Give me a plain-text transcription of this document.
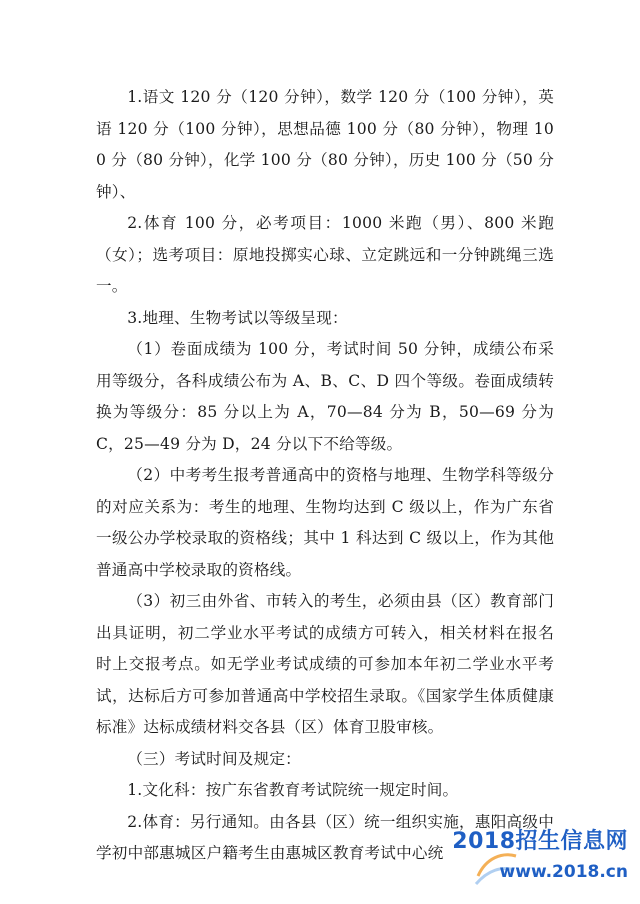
1.语文 120 分（120 分钟），数学 120 分（100 分钟），英语 120 分（100 分钟），思想品德 100 分（80 分钟），物理 100 分（80 分钟），化学 100 分（80 分钟），历史 100 分（50 分钟）、

2.体育 100 分，必考项目：1000 米跑（男）、800 米跑（女）；选考项目：原地投掷实心球、立定跳远和一分钟跳绳三选一。

3.地理、生物考试以等级呈现：

（1）卷面成绩为 100 分，考试时间 50 分钟，成绩公布采用等级分，各科成绩公布为 A、B、C、D 四个等级。卷面成绩转换为等级分：85 分以上为 A，70—84 分为 B，50—69 分为 C，25—49 分为 D，24 分以下不给等级。

（2）中考考生报考普通高中的资格与地理、生物学科等级分的对应关系为：考生的地理、生物均达到 C 级以上，作为广东省一级公办学校录取的资格线；其中 1 科达到 C 级以上，作为其他普通高中学校录取的资格线。

（3）初三由外省、市转入的考生，必须由县（区）教育部门出具证明，初二学业水平考试的成绩方可转入，相关材料在报名时上交报考点。如无学业考试成绩的可参加本年初二学业水平考试，达标后方可参加普通高中学校招生录取。《国家学生体质健康标准》达标成绩材料交各县（区）体育卫股审核。

（三）考试时间及规定：

1.文化科：按广东省教育考试院统一规定时间。

2.体育：另行通知。由各县（区）统一组织实施，惠阳高级中学初中部惠城区户籍考生由惠城区教育考试中心统 2018招生信息网
www.2018.cn
